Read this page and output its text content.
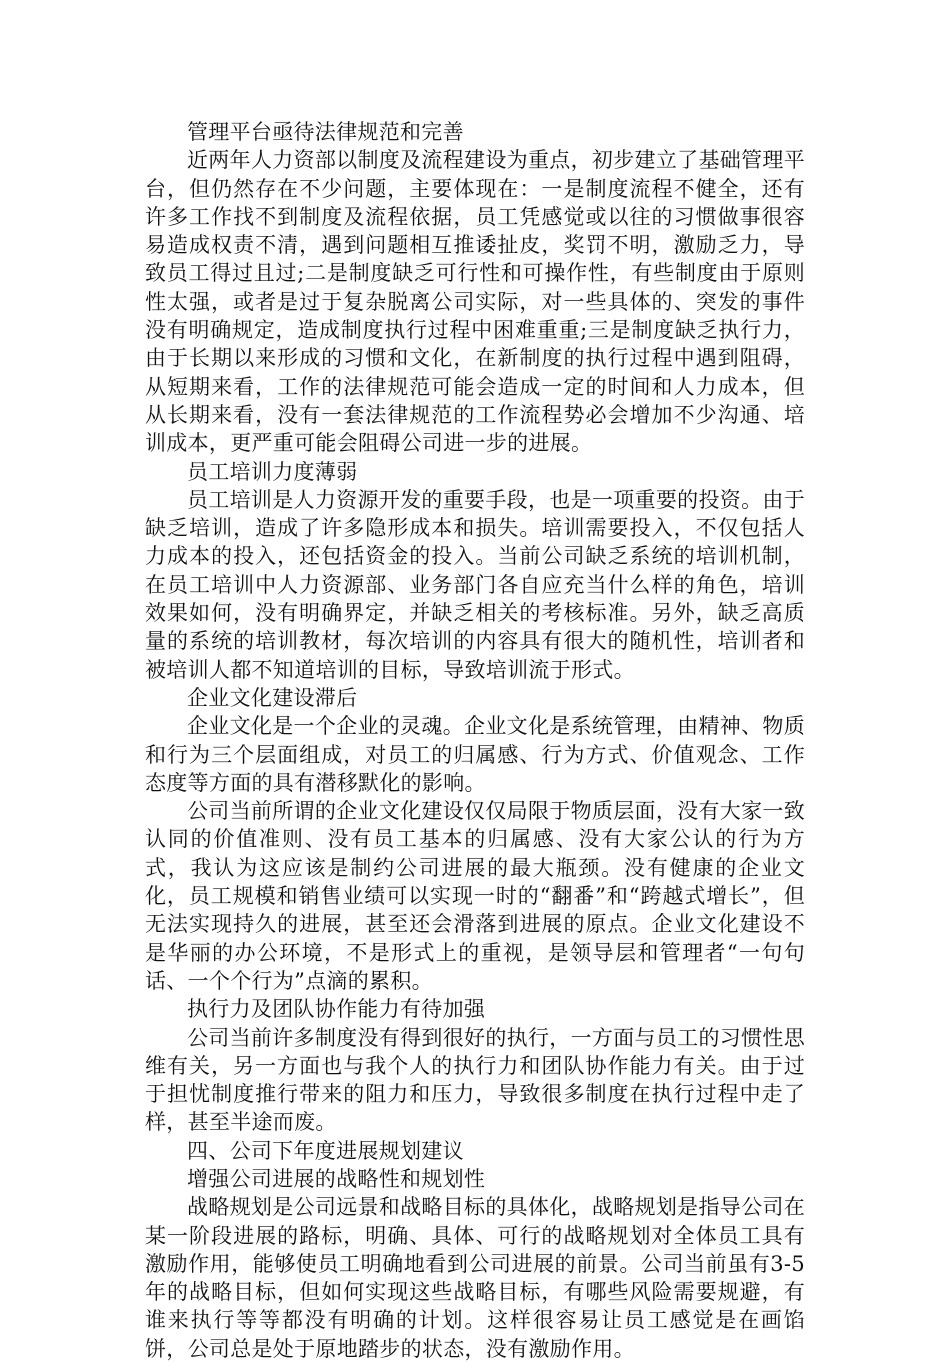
管理平台亟待法律规范和完善

近两年人力资部以制度及流程建设为重点，初步建立了基础管理平台，但仍然存在不少问题，主要体现在：一是制度流程不健全，还有许多工作找不到制度及流程依据，员工凭感觉或以往的习惯做事很容易造成权责不清，遇到问题相互推诿扯皮，奖罚不明，激励乏力，导致员工得过且过;二是制度缺乏可行性和可操作性，有些制度由于原则性太强，或者是过于复杂脱离公司实际，对一些具体的、突发的事件没有明确规定，造成制度执行过程中困难重重;三是制度缺乏执行力，由于长期以来形成的习惯和文化，在新制度的执行过程中遇到阻碍，从短期来看，工作的法律规范可能会造成一定的时间和人力成本，但从长期来看，没有一套法律规范的工作流程势必会增加不少沟通、培训成本，更严重可能会阻碍公司进一步的进展。

员工培训力度薄弱

员工培训是人力资源开发的重要手段，也是一项重要的投资。由于缺乏培训，造成了许多隐形成本和损失。培训需要投入，不仅包括人力成本的投入，还包括资金的投入。当前公司缺乏系统的培训机制，在员工培训中人力资源部、业务部门各自应充当什么样的角色，培训效果如何，没有明确界定，并缺乏相关的考核标准。另外，缺乏高质量的系统的培训教材，每次培训的内容具有很大的随机性，培训者和被培训人都不知道培训的目标，导致培训流于形式。

企业文化建设滞后

企业文化是一个企业的灵魂。企业文化是系统管理，由精神、物质和行为三个层面组成，对员工的归属感、行为方式、价值观念、工作态度等方面的具有潜移默化的影响。

公司当前所谓的企业文化建设仅仅局限于物质层面，没有大家一致认同的价值准则、没有员工基本的归属感、没有大家公认的行为方式，我认为这应该是制约公司进展的最大瓶颈。没有健康的企业文化，员工规模和销售业绩可以实现一时的“翻番”和“跨越式增长”，但无法实现持久的进展，甚至还会滑落到进展的原点。企业文化建设不是华丽的办公环境，不是形式上的重视，是领导层和管理者“一句句话、一个个行为”点滴的累积。

执行力及团队协作能力有待加强

公司当前许多制度没有得到很好的执行，一方面与员工的习惯性思维有关，另一方面也与我个人的执行力和团队协作能力有关。由于过于担忧制度推行带来的阻力和压力，导致很多制度在执行过程中走了样，甚至半途而废。

四、公司下年度进展规划建议

增强公司进展的战略性和规划性

战略规划是公司远景和战略目标的具体化，战略规划是指导公司在某一阶段进展的路标，明确、具体、可行的战略规划对全体员工具有激励作用，能够使员工明确地看到公司进展的前景。公司当前虽有3-5年的战略目标，但如何实现这些战略目标，有哪些风险需要规避，有谁来执行等等都没有明确的计划。这样很容易让员工感觉是在画馅饼，公司总是处于原地踏步的状态，没有激励作用。
